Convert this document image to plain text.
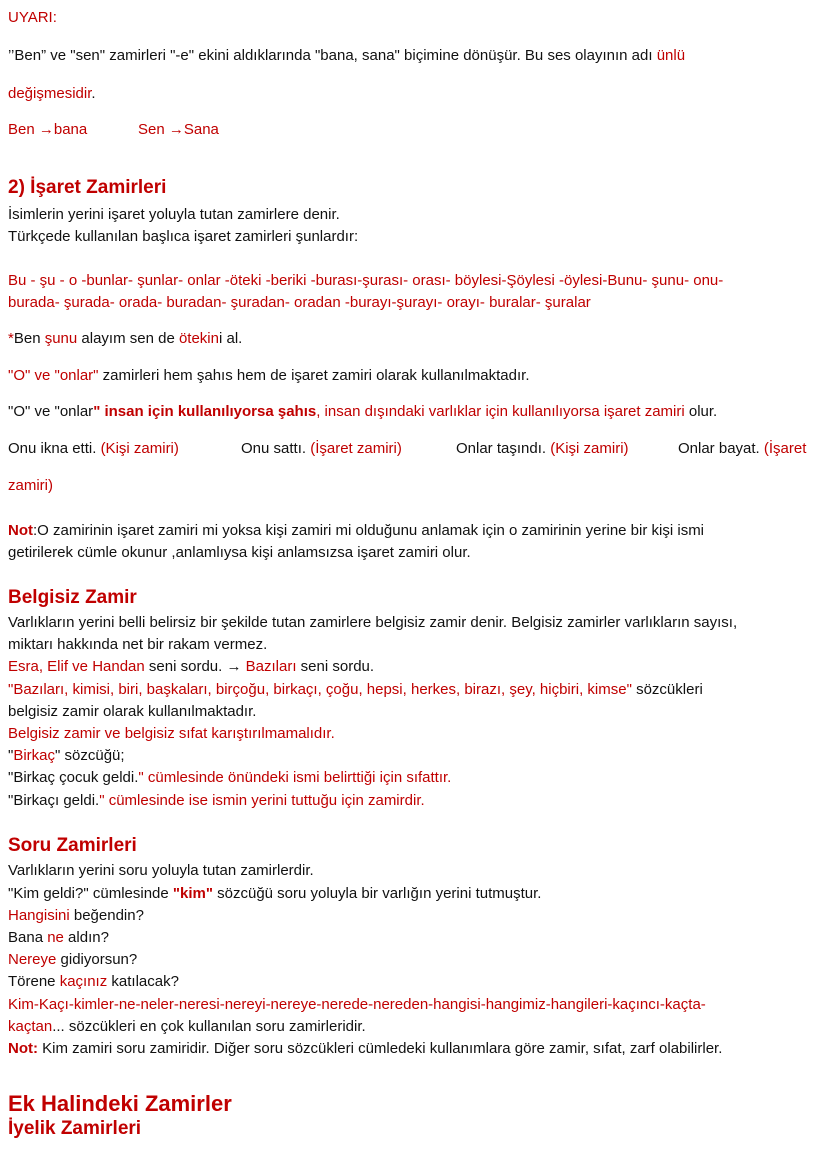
UYARI:
’’Ben” ve "sen" zamirleri "-e" ekini aldıklarında "bana, sana" biçimine dönüşür. Bu ses olayının adı ünlü
değişmesidir.
Ben →bana	Sen →Sana
2) İşaret Zamirleri
İsimlerin yerini işaret yoluyla tutan zamirlere denir.
Türkçede kullanılan başlıca işaret zamirleri şunlardır:
Bu - şu - o -bunlar- şunlar- onlar -öteki -beriki -burası-şurası- orası- böylesi-Şöylesi -öylesi-Bunu- şunu- onu-
burada- şurada- orada- buradan- şuradan- oradan -burayı-şurayı- orayı- buralar- şuralar
*Ben şunu alayım sen de ötekini al.
"O" ve "onlar" zamirleri hem şahıs hem de işaret zamiri olarak kullanılmaktadır.
"O" ve "onlar" insan için kullanılıyorsa şahıs, insan dışındaki varlıklar için kullanılıyorsa işaret zamiri olur.
Onu ikna etti. (Kişi zamiri)	Onu sattı. (İşaret zamiri)	Onlar taşındı. (Kişi zamiri)	Onlar bayat. (İşaret
zamiri)
Not:O zamirinin işaret zamiri mi yoksa kişi zamiri mi olduğunu anlamak için o zamirinin yerine bir kişi ismi
getirilerek cümle okunur ,anlamlıysa kişi anlamsızsa işaret zamiri olur.
Belgisiz Zamir
Varlıkların yerini belli belirsiz bir şekilde tutan zamirlere belgisiz zamir denir. Belgisiz zamirler varlıkların sayısı,
miktarı hakkında net bir rakam vermez.
Esra, Elif ve Handan seni sordu. → Bazıları seni sordu.
"Bazıları, kimisi, biri, başkaları, birçoğu, birkaçı, çoğu, hepsi, herkes, birazı, şey, hiçbiri, kimse" sözcükleri
belgisiz zamir olarak kullanılmaktadır.
Belgisiz zamir ve belgisiz sıfat karıştırılmamalıdır.
"Birkaç" sözcüğü;
"Birkaç çocuk geldi." cümlesinde önündeki ismi belirttiği için sıfattır.
"Birkaçı geldi." cümlesinde ise ismin yerini tuttuğu için zamirdir.
Soru Zamirleri
Varlıkların yerini soru yoluyla tutan zamirlerdir.
"Kim geldi?" cümlesinde "kim" sözcüğü soru yoluyla bir varlığın yerini tutmuştur.
Hangisini beğendin?
Bana ne aldın?
Nereye gidiyorsun?
Törene kaçınız katılacak?
Kim-Kaçı-kimler-ne-neler-neresi-nereyi-nereye-nerede-nereden-hangisi-hangimiz-hangileri-kaçıncı-kaçta-
kaçtan... sözcükleri en çok kullanılan soru zamirleridir.
Not: Kim zamiri soru zamiridir. Diğer soru sözcükleri cümledeki kullanımlara göre zamir, sıfat, zarf olabilirler.
Ek Halindeki Zamirler
İyelik Zamirleri
